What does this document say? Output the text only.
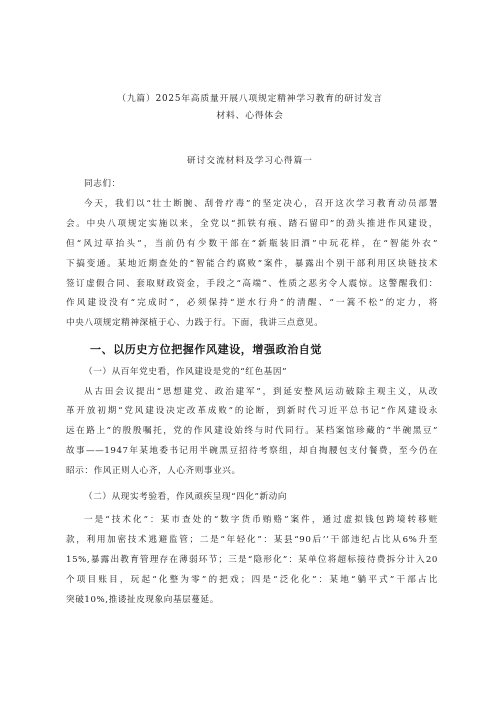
（九篇）2025年高质量开展八项规定精神学习教育的研讨发言
材料、心得体会
研讨交流材料及学习心得篇一
同志们：
今天，我们以“壮士断腕、刮骨疗毒”的坚定决心，召开这次学习教育动员部署
会。中央八项规定实施以来，全党以“抓铁有痕、踏石留印”的劲头推进作风建设，
但“风过草抬头”，当前仍有少数干部在“新瓶装旧酒”中玩花样，在“智能外衣”
下搞变通。某地近期查处的“智能合约腐败”案件，暴露出个别干部利用区块链技术
签订虚假合同、套取财政资金，手段之“高端”、性质之恶劣令人震惊。这警醒我们：
作风建设没有“完成时”，必须保持“逆水行舟”的清醒、“一篙不松”的定力，将
中央八项规定精神深植于心、力践于行。下面，我讲三点意见。
一、以历史方位把握作风建设，增强政治自觉
（一）从百年党史看，作风建设是党的“红色基因”
从古田会议提出“思想建党、政治建军”，到延安整风运动破除主观主义，从改
革开放初期“党风建设决定改革成败”的论断，到新时代习近平总书记“作风建设永
远在路上”的殷殷嘱托，党的作风建设始终与时代同行。某档案馆珍藏的“半碗黑豆”
故事——1947年某地委书记用半碗黑豆招待考察组，却自掏腰包支付餐费，至今仍在
昭示：作风正则人心齐，人心齐则事业兴。
（二）从现实考验看，作风顽疾呈现“四化”新动向
一是“技术化”：某市查处的“数字货币贿赂”案件，通过虚拟钱包跨境转移赃
款，利用加密技术逃避监管；二是“年轻化”：某县“90后’’干部违纪占比从6%升至
15%,暴露出教育管理存在薄弱环节；三是“隐形化”：某单位将超标接待费拆分计入20
个项目账目，玩起“化整为零”的把戏；四是“泛化化”：某地“躺平式”干部占比
突破10%,推诿扯皮现象向基层蔓延。
